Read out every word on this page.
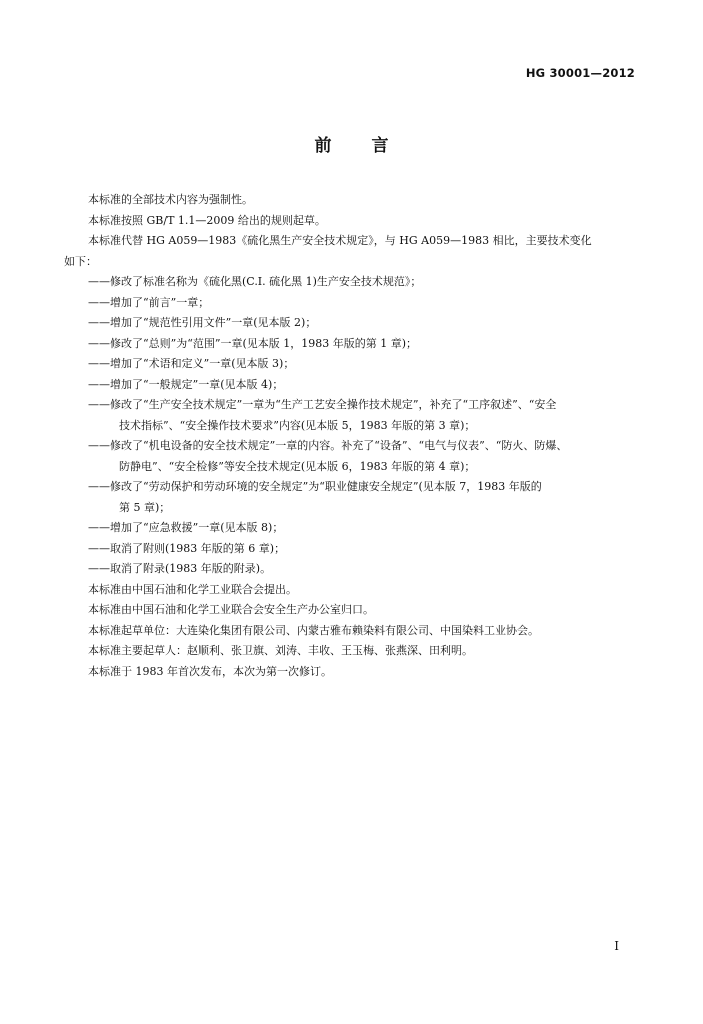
HG 30001—2012
前 言
本标准的全部技术内容为强制性。
本标准按照 GB/T 1.1—2009 给出的规则起草。
本标准代替 HG A059—1983《硫化黑生产安全技术规定》，与 HG A059—1983 相比，主要技术变化
如下：
——修改了标准名称为《硫化黑(C.I. 硫化黑 1)生产安全技术规范》；
——增加了“前言”一章；
——增加了“规范性引用文件”一章(见本版 2)；
——修改了“总则”为“范围”一章(见本版 1，1983 年版的第 1 章)；
——增加了“术语和定义”一章(见本版 3)；
——增加了“一般规定”一章(见本版 4)；
——修改了“生产安全技术规定”一章为“生产工艺安全操作技术规定”，补充了“工序叙述”、“安全
技术指标”、“安全操作技术要求”内容(见本版 5，1983 年版的第 3 章)；
——修改了“机电设备的安全技术规定”一章的内容。补充了“设备”、“电气与仪表”、“防火、防爆、
防静电”、“安全检修”等安全技术规定(见本版 6，1983 年版的第 4 章)；
——修改了“劳动保护和劳动环境的安全规定”为“职业健康安全规定”(见本版 7，1983 年版的
第 5 章)；
——增加了“应急救援”一章(见本版 8)；
——取消了附则(1983 年版的第 6 章)；
——取消了附录(1983 年版的附录)。
本标准由中国石油和化学工业联合会提出。
本标准由中国石油和化学工业联合会安全生产办公室归口。
本标准起草单位：大连染化集团有限公司、内蒙古雅布赖染料有限公司、中国染料工业协会。
本标准主要起草人：赵顺利、张卫旗、刘涛、丰收、王玉梅、张燕深、田利明。
本标准于 1983 年首次发布，本次为第一次修订。
I
